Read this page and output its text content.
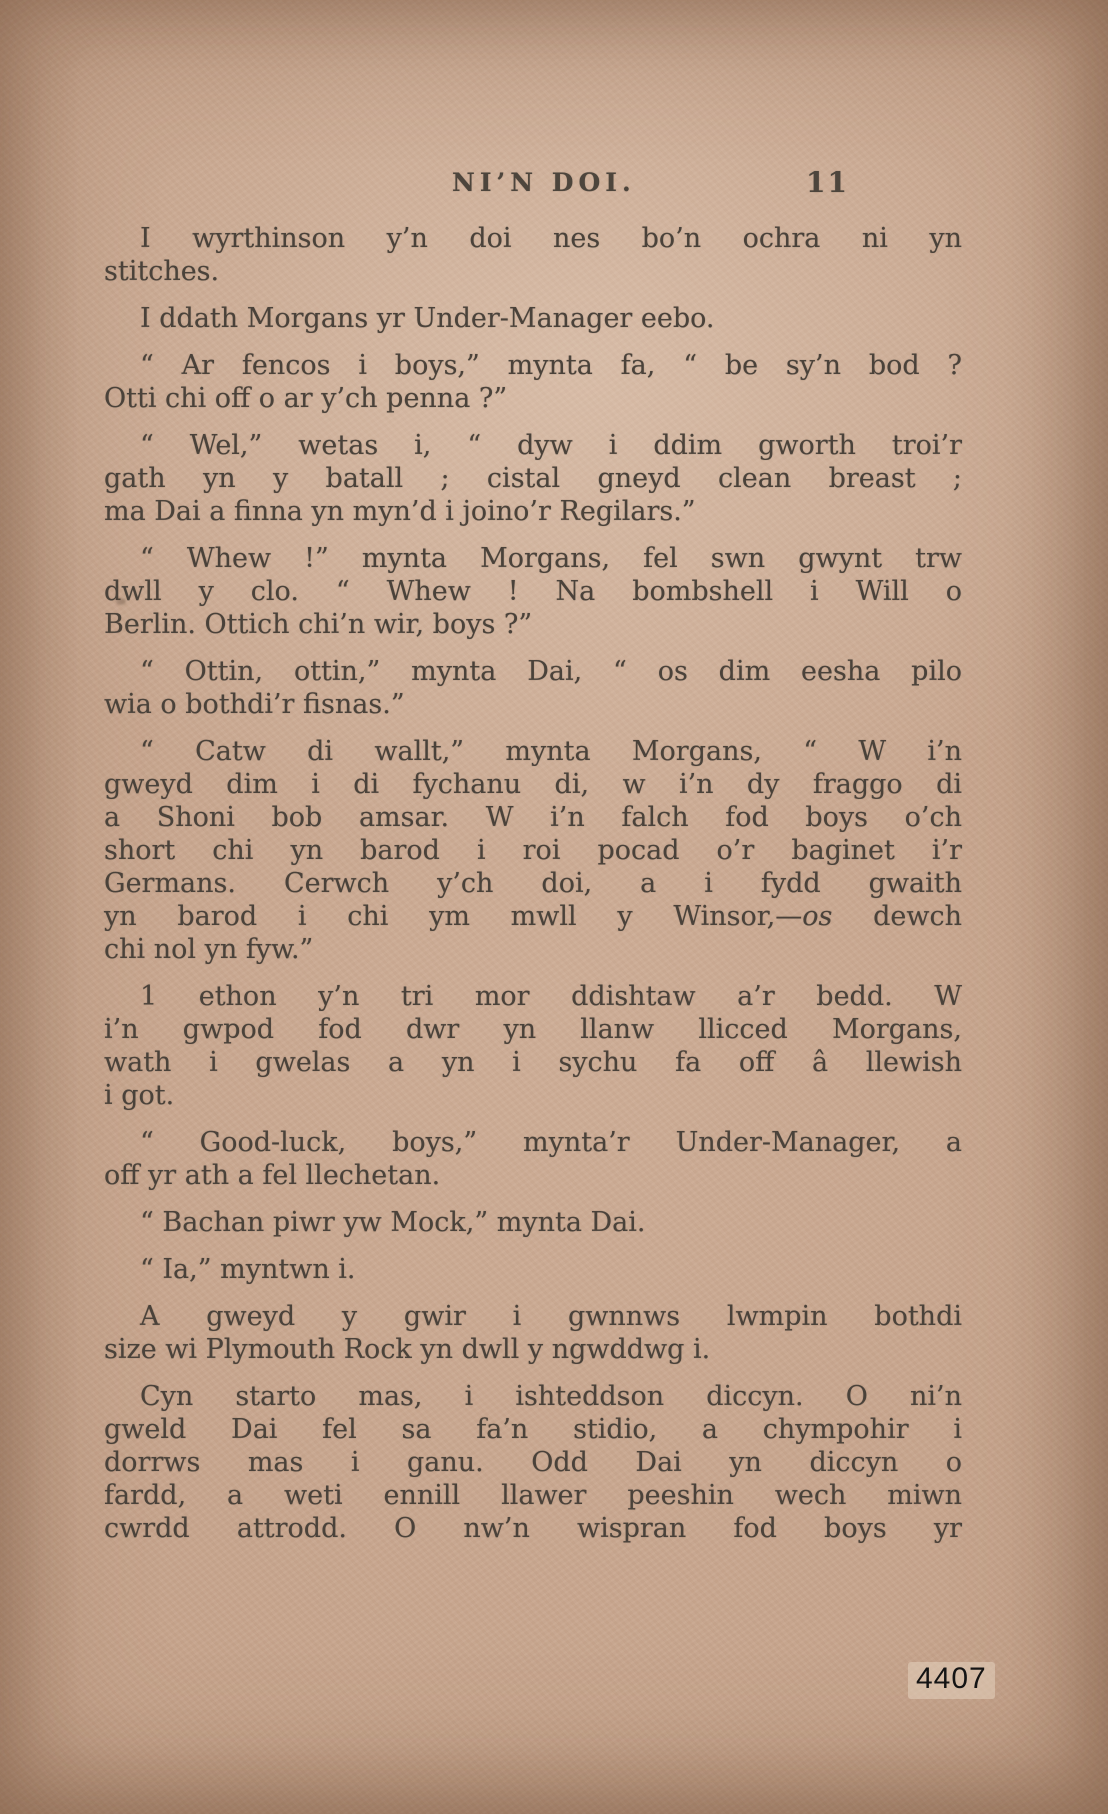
NI’N DOI.	11
I wyrthinson y’n doi nes bo’n ochra ni yn
stitches.
I ddath Morgans yr Under-Manager eebo.
“ Ar fencos i boys,” mynta fa, “ be sy’n bod ?
Otti chi off o ar y’ch penna ?”
“ Wel,” wetas i, “ dyw i ddim gworth troi’r
gath yn y batall ; cistal gneyd clean breast ;
ma Dai a finna yn myn’d i joino’r Regilars.”
“ Whew !” mynta Morgans, fel swn gwynt trw
dwll y clo. “ Whew ! Na bombshell i Will o
Berlin. Ottich chi’n wir, boys ?”
“ Ottin, ottin,” mynta Dai, “ os dim eesha pilo
wia o bothdi’r fisnas.”
“ Catw di wallt,” mynta Morgans, “ W i’n
gweyd dim i di fychanu di, w i’n dy fraggo di
a Shoni bob amsar. W i’n falch fod boys o’ch
short chi yn barod i roi pocad o’r baginet i’r
Germans. Cerwch y’ch doi, a i fydd gwaith
yn barod i chi ym mwll y Winsor,—os dewch
chi nol yn fyw.”
1 ethon y’n tri mor ddishtaw a’r bedd. W
i’n gwpod fod dwr yn llanw llicced Morgans,
wath i gwelas a yn i sychu fa off â llewish
i got.
“ Good-luck, boys,” mynta’r Under-Manager, a
off yr ath a fel llechetan.
“ Bachan piwr yw Mock,” mynta Dai.
“ Ia,” myntwn i.
A gweyd y gwir i gwnnws lwmpin bothdi
size wi Plymouth Rock yn dwll y ngwddwg i.
Cyn starto mas, i ishteddson diccyn. O ni’n
gweld Dai fel sa fa’n stidio, a chympohir i
dorrws mas i ganu. Odd Dai yn diccyn o
fardd, a weti ennill llawer peeshin wech miwn
cwrdd attrodd. O nw’n wispran fod boys yr
4407
